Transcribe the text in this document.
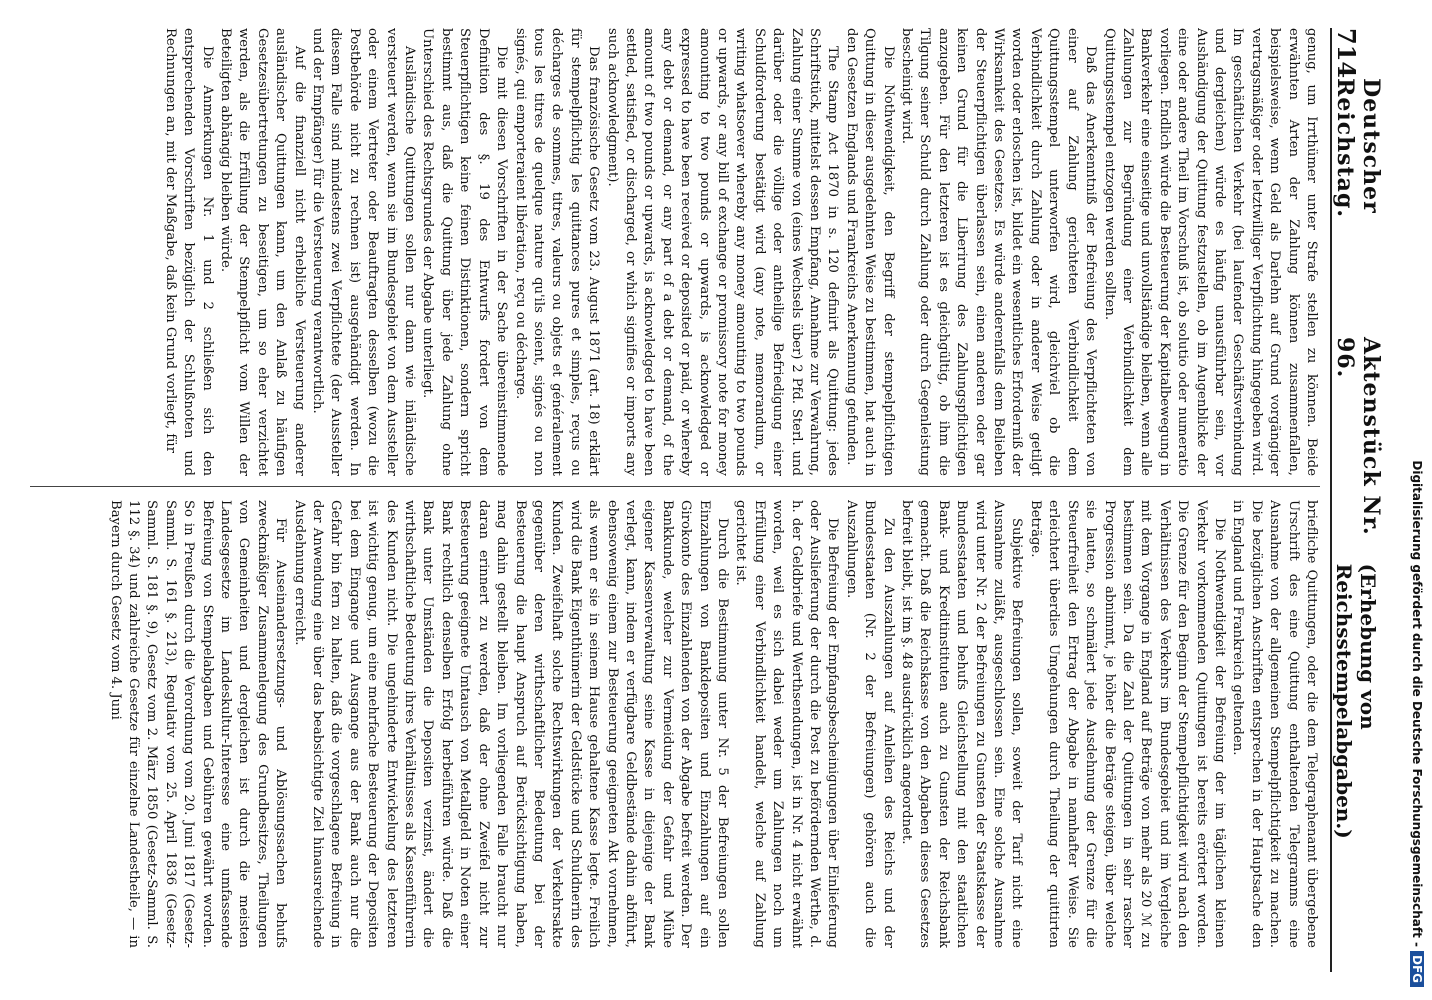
714
Deutscher Reichstag.
Aktenstück Nr. 96.
(Erhebung von Reichsstempelabgaben.)

genug, um Irrthümer unter Strafe stellen zu können. Beide erwähnten Arten der Zahlung können zusammenfallen, beispielsweise, wenn Geld als Darlehn auf Grund vorgängiger vertragsmäßiger oder letztwilliger Verpflichtung hingegeben wird. Im geschäftlichen Verkehr (bei laufender Geschäftsverbindung und dergleichen) würde es häufig unausführbar sein, vor Aushändigung der Quittung festzustellen, ob im Augenblicke der eine oder andere Theil im Vorschuß ist, ob solutio oder numeratio vorliegen. Endlich würde die Besteuerung der Kapitalbewegung in Bankverkehr eine einseitige und unvollständige bleiben, wenn alle Zahlungen zur Begründung einer Verbindlichkeit dem Quittungsstempel entzogen werden sollten.

Daß das Anerkenntniß der Befreiung des Verpflichteten von einer auf Zahlung gerichteten Verbindlichkeit dem Quittungsstempel unterworfen wird, gleichviel ob die Verbindlichkeit durch Zahlung oder in anderer Weise getilgt worden oder erloschen ist, bildet ein wesentliches Erforderniß der Wirksamkeit des Gesetzes. Es würde anderenfalls dem Belieben der Steuerpflichtigen überlassen sein, einen anderen oder gar keinen Grund für die Liberirung des Zahlungspflichtigen anzugeben. Für den letzteren ist es gleichgültig, ob ihm die Tilgung seiner Schuld durch Zahlung oder durch Gegenleistung bescheinigt wird.

Die Nothwendigkeit, den Begriff der stempelpflichtigen Quittung in dieser ausgedehnten Weise zu bestimmen, hat auch in den Gesetzen Englands und Frankreichs Anerkennung gefunden.

The Stamp Act 1870 in s. 120 definirt als Quittung: jedes Schriftstück, mittelst dessen Empfang, Annahme zur Verwahrung, Zahlung einer Summe von (eines Wechsels über) 2 Pfd. Sterl. und darüber oder die völlige oder antheilige Befriedigung einer Schuldforderung bestätigt wird (any note, memorandum, or writing whatsoever whereby any money amounting to two pounds or upwards, or any bill of exchange or promissory note for money amounting to two pounds or upwards, is acknowledged or expressed to have been received or deposited or paid, or whereby any debt or demand, or any part of a debt or demand, of the amount of two pounds or upwards, is acknowledged to have been settled, satisfied, or discharged, or which signifies or imports any such acknowledgment).

Das französische Gesetz vom 23. August 1871 (art. 18) erklärt für stempelpflichtig les quittances pures et simples, reçus ou décharges de sommes, titres, valeurs ou objets et généralement tous les titres de quelque nature qu'ils soient, signés ou non signés, qui emporteraient libération, reçu ou décharge.

Die mit diesen Vorschriften in der Sache übereinstimmende Definition des §. 19 des Entwurfs fordert von dem Steuerpflichtigen keine feinen Distinktionen, sondern spricht bestimmt aus, daß die Quittung über jede Zahlung ohne Unterschied des Rechtsgrundes der Abgabe unterliegt.

Ausländische Quittungen sollen nur dann wie inländische versteuert werden, wenn sie im Bundesgebiet von dem Aussteller oder einem Vertreter oder Beauftragten desselben (wozu die Postbehörde nicht zu rechnen ist) ausgehändigt werden. In diesem Falle sind mindestens zwei Verpflichtete (der Aussteller und der Empfänger) für die Versteuerung verantwortlich.

Auf die finanziell nicht erhebliche Versteuerung anderer ausländischer Quittungen kann, um den Anlaß zu häufigen Gesetzesübertretungen zu beseitigen, um so eher verzichtet werden, als die Erfüllung der Stempelpflicht vom Willen der Beteiligten abhängig bleiben würde.

Die Anmerkungen Nr. 1 und 2 schließen sich den entsprechenden Vorschriften bezüglich der Schlußnoten und Rechnungen an, mit der Maßgabe, daß kein Grund vorliegt, für

briefliche Quittungen, oder die dem Telegraphenamt übergebene Urschrift des eine Quittung enthaltenden Telegramms eine Ausnahme von der allgemeinen Stempelpflichtigkeit zu machen. Die bezüglichen Anschriften entsprechen in der Hauptsache den in England und Frankreich geltenden.

Die Nothwendigkeit der Befreiung der im täglichen kleinen Verkehr vorkommenden Quittungen ist bereits erörtert worden. Die Grenze für den Beginn der Stempelpflichtigkeit wird nach den Verhältnissen des Verkehrs im Bundesgebiet und im Vergleiche mit dem Vorgange in England auf Beträge von mehr als 20 ℳ zu bestimmen sein. Da die Zahl der Quittungen in sehr rascher Progression abnimmt, je höher die Beträge steigen, über welche sie lauten, so schmälert jede Ausdehnung der Grenze für die Steuerfreiheit den Ertrag der Abgabe in namhafter Weise. Sie erleichtert überdies Umgehungen durch Theilung der quittirten Beträge.

Subjektive Befreiungen sollen, soweit der Tarif nicht eine Ausnahme zuläßt, ausgeschlossen sein. Eine solche Ausnahme wird unter Nr. 2 der Befreiungen zu Gunsten der Staatskasse der Bundesstaaten und behufs Gleichstellung mit den staatlichen Bank- und Kreditinstituten auch zu Gunsten der Reichsbank gemacht. Daß die Reichskasse von den Abgaben dieses Gesetzes befreit bleibt, ist im §. 48 ausdrücklich angeordnet.

Zu den Auszahlungen auf Anleihen des Reichs und der Bundesstaaten (Nr. 2 der Befreiungen) gehören auch die Auszahlungen.

Die Befreiung der Empfangsbescheinigungen über Einlieferung oder Auslieferung der durch die Post zu befördernden Werthe, d. h. der Geldbriefe und Werthsendungen, ist in Nr. 4 nicht erwähnt worden, weil es sich dabei weder um Zahlungen noch um Erfüllung einer Verbindlichkeit handelt, welche auf Zahlung gerichtet ist.

Durch die Bestimmung unter Nr. 5 der Befreiungen sollen Einzahlungen von Bankdepositen und Einzahlungen auf ein Girokonto des Einzahlenden von der Abgabe befreit werden. Der Bankkunde, welcher zur Vermeidung der Gefahr und Mühe eigener Kassenverwaltung seine Kasse in diejenige der Bank verlegt, kann, indem er verfügbare Geldbestände dahin abführt, ebensowenig einem zur Besteuerung geeigneten Akt vornehmen, als wenn er sie in seinem Hause gehaltene Kasse legte. Freilich wird die Bank Eigenthümerin der Geldstücke und Schuldnerin des Kunden. Zweifelhaft solche Rechtswirkungen der Verkehrsakte gegenüber deren wirthschaftlicher Bedeutung bei der Besteuerung die haupt Anspruch auf Berücksichtigung haben, mag dahin gestellt bleiben. Im vorliegenden Falle braucht nur daran erinnert zu werden, daß der ohne Zweifel nicht zur Besteuerung geeignete Umtausch von Metallgeld in Noten einer Bank rechtlich denselben Erfolg herbeiführen würde. Daß die Bank unter Umständen die Depositen verzinst, ändert die wirthschaftliche Bedeutung ihres Verhältnisses als Kassenführerin des Kunden nicht. Die ungehinderte Entwickelung des letzteren ist wichtig genug, um eine mehrfache Besteuerung der Depositen bei dem Eingange und Ausgange aus der Bank auch nur die Gefahr bin fern zu halten, daß die vorgeschlagene Befreiung in der Anwendung eine über das beabsichtigte Ziel hinausreichende Ausdehnung erreicht.

Für Auseinandersetzungs- und Ablösungssachen behufs zweckmäßiger Zusammenlegung des Grundbesitzes, Theilungen von Gemeinheiten und dergleichen ist durch die meisten Landesgesetze im Landeskultur-Interesse eine umfassende Befreiung von Stempelabgaben und Gebühren gewährt worden. So in Preußen durch die Verordnung vom 20. Juni 1817 (Gesetz-Samml. S. 161 §. 213), Regulativ vom 25. April 1836 (Gesetz-Samml. S. 181 §. 9), Gesetz vom 2. März 1850 (Gesetz-Samml. S. 112 §. 34) und zahlreiche Gesetze für einzelne Landestheile, — in Bayern durch Gesetz vom 4. Juni	Digitalisierung gefördert durch die Deutsche Forschungsgemeinschaft -DFG
